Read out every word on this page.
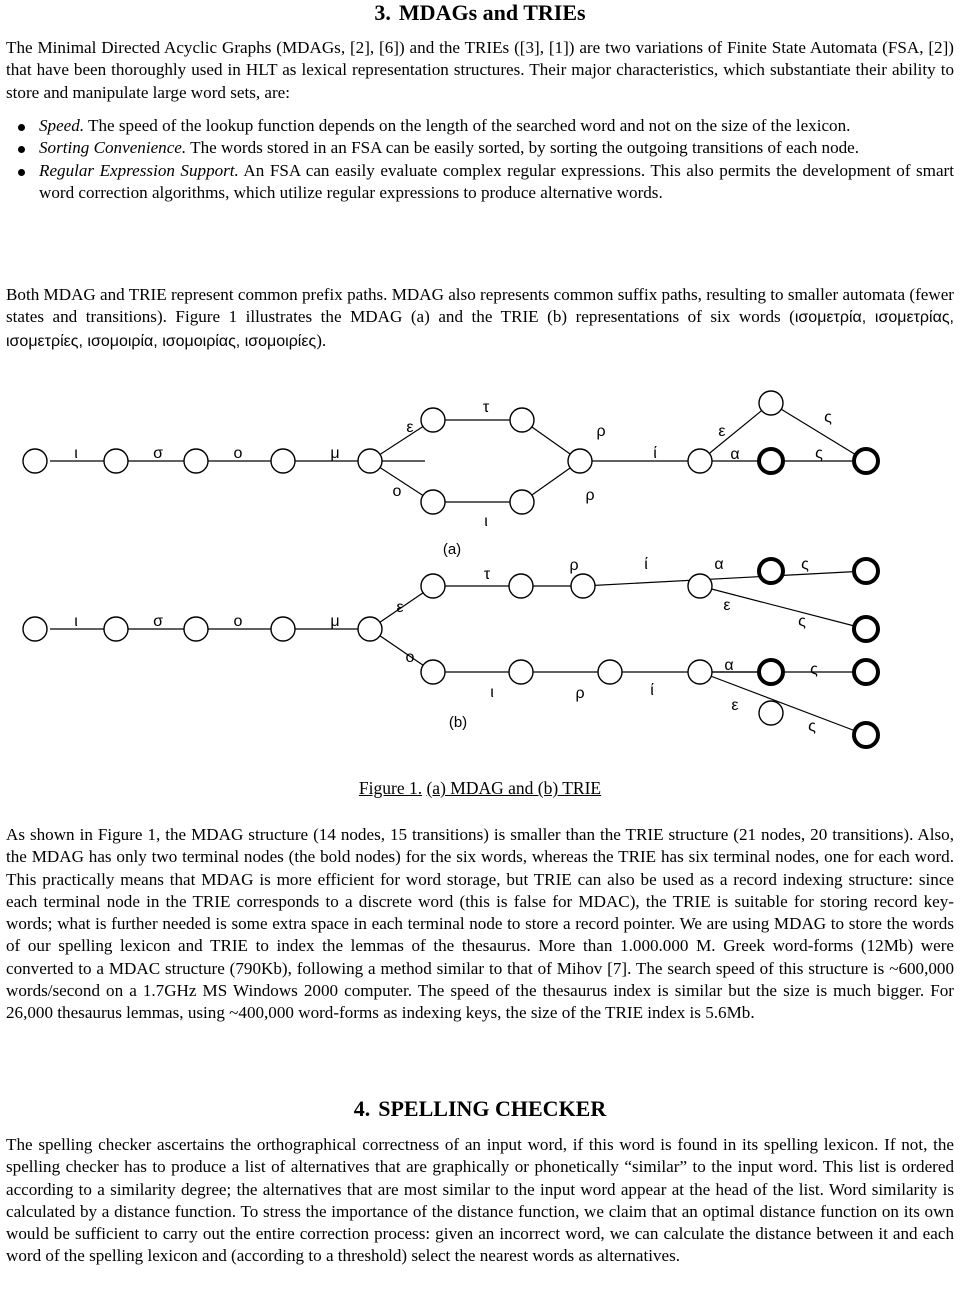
3. MDAGs and TRIEs

The Minimal Directed Acyclic Graphs (MDAGs, [2], [6]) and the TRIEs ([3], [1]) are two variations of Finite State Automata (FSA, [2]) that have been thoroughly used in HLT as lexical representation structures. Their major characteristics, which substantiate their ability to store and manipulate large word sets, are:

Speed. The speed of the lookup function depends on the length of the searched word and not on the size of the lexicon.
Sorting Convenience. The words stored in an FSA can be easily sorted, by sorting the outgoing transitions of each node.
Regular Expression Support. An FSA can easily evaluate complex regular expressions. This also permits the development of smart word correction algorithms, which utilize regular expressions to produce alternative words.

Both MDAG and TRIE represent common prefix paths. MDAG also represents common suffix paths, resulting to smaller automata (fewer states and transitions). Figure 1 illustrates the MDAG (a) and the TRIE (b) representations of six words (ισομετρία, ισομετρίας, ισομετρίες, ισομοιρία, ισομοιρίας, ισομοιρίες).

ι	σ	ο	μ
ε
τ
ρ
ο
ι
ρ
ί
ε
α
ς
ς
ι	σ	ο	μ
ε
τ
ρ	ί	α	ς
ε
ς
ο
ι	ρ	ί
α	ς
ε
ς
(a)
(b)
Figure 1. (a) MDAG and (b) TRIE

As shown in Figure 1, the MDAG structure (14 nodes, 15 transitions) is smaller than the TRIE structure (21 nodes, 20 transitions). Also, the MDAG has only two terminal nodes (the bold nodes) for the six words, whereas the TRIE has six terminal nodes, one for each word. This practically means that MDAG is more efficient for word storage, but TRIE can also be used as a record indexing structure: since each terminal node in the TRIE corresponds to a discrete word (this is false for MDAC), the TRIE is suitable for storing record key-words; what is further needed is some extra space in each terminal node to store a record pointer. We are using MDAG to store the words of our spelling lexicon and TRIE to index the lemmas of the thesaurus. More than 1.000.000 M. Greek word-forms (12Mb) were converted to a MDAC structure (790Kb), following a method similar to that of Mihov [7]. The search speed of this structure is ~600,000 words/second on a 1.7GHz MS Windows 2000 computer. The speed of the thesaurus index is similar but the size is much bigger. For 26,000 thesaurus lemmas, using ~400,000 word-forms as indexing keys, the size of the TRIE index is 5.6Mb.

4. SPELLING CHECKER

The spelling checker ascertains the orthographical correctness of an input word, if this word is found in its spelling lexicon. If not, the spelling checker has to produce a list of alternatives that are graphically or phonetically “similar” to the input word. This list is ordered according to a similarity degree; the alternatives that are most similar to the input word appear at the head of the list. Word similarity is calculated by a distance function. To stress the importance of the distance function, we claim that an optimal distance function on its own would be sufficient to carry out the entire correction process: given an incorrect word, we can calculate the distance between it and each word of the spelling lexicon and (according to a threshold) select the nearest words as alternatives.
